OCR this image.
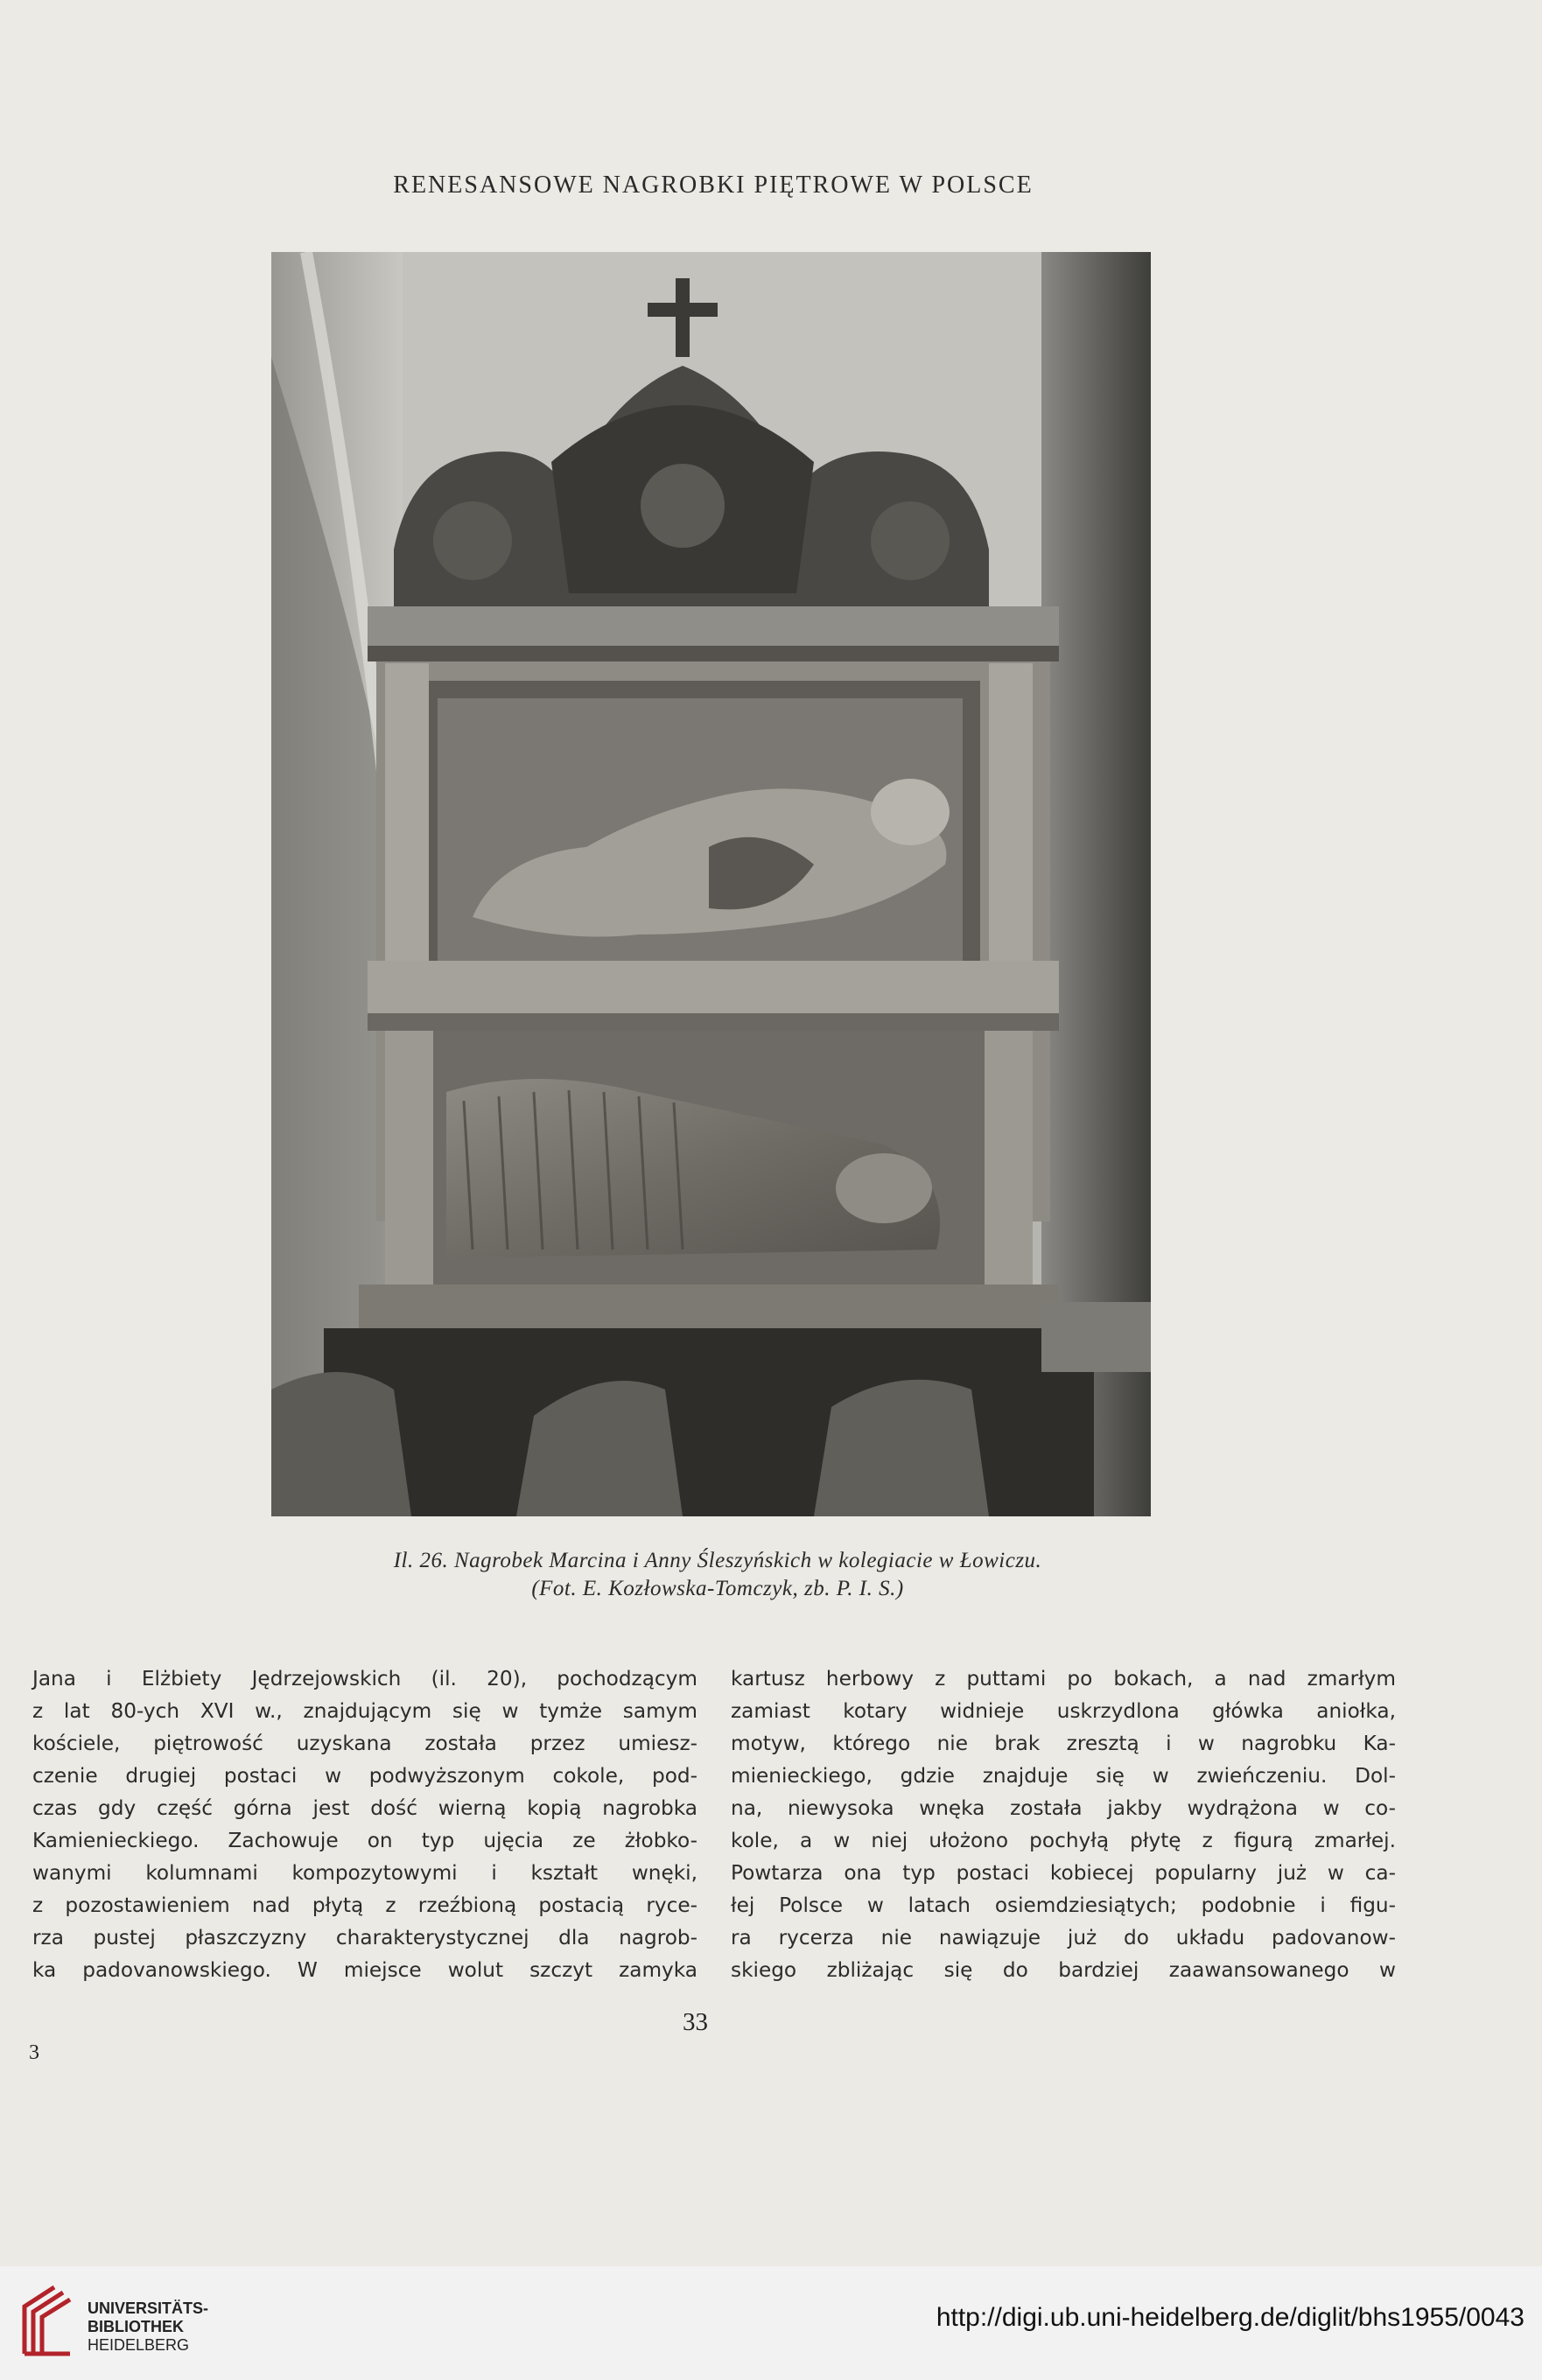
RENESANSOWE NAGROBKI PIĘTROWE W POLSCE
Il. 26. Nagrobek Marcina i Anny Śleszyńskich w kolegiacie w Łowiczu.
(Fot. E. Kozłowska-Tomczyk, zb. P. I. S.)
Jana i Elżbiety Jędrzejowskich (il. 20), pochodzącym
z lat 80-ych XVI w., znajdującym się w tymże samym
kościele, piętrowość uzyskana została przez umiesz-
czenie drugiej postaci w podwyższonym cokole, pod-
czas gdy część górna jest dość wierną kopią nagrobka
Kamienieckiego. Zachowuje on typ ujęcia ze żłobko-
wanymi kolumnami kompozytowymi i kształt wnęki,
z pozostawieniem nad płytą z rzeźbioną postacią ryce-
rza pustej płaszczyzny charakterystycznej dla nagrob-
ka padovanowskiego. W miejsce wolut szczyt zamyka
kartusz herbowy z puttami po bokach, a nad zmarłym
zamiast kotary widnieje uskrzydlona główka aniołka,
motyw, którego nie brak zresztą i w nagrobku Ka-
mienieckiego, gdzie znajduje się w zwieńczeniu. Dol-
na, niewysoka wnęka została jakby wydrążona w co-
kole, a w niej ułożono pochyłą płytę z figurą zmarłej.
Powtarza ona typ postaci kobiecej popularny już w ca-
łej Polsce w latach osiemdziesiątych; podobnie i figu-
ra rycerza nie nawiązuje już do układu padovanow-
skiego zbliżając się do bardziej zaawansowanego w
33
3
UNIVERSITÄTS-
BIBLIOTHEK
HEIDELBERG
http://digi.ub.uni-heidelberg.de/diglit/bhs1955/0043
